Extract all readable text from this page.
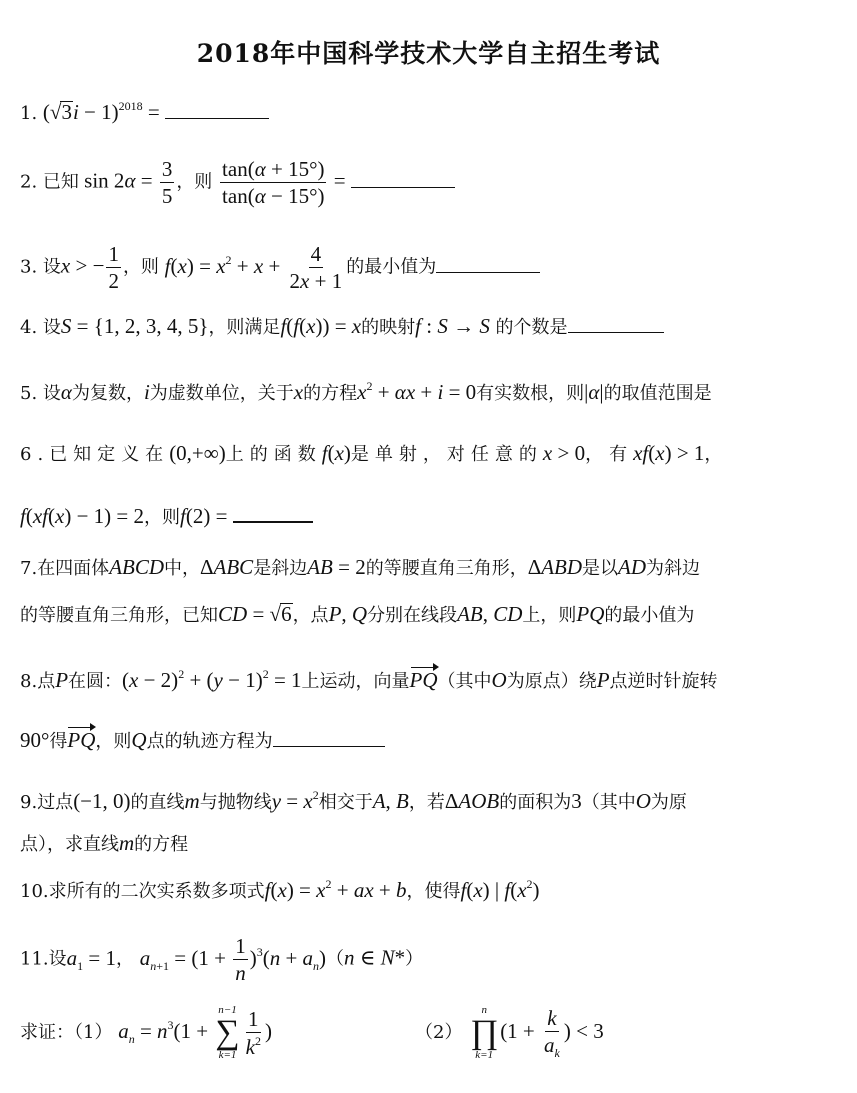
2018年中国科学技术大学自主招生考试
1. $(√3i - 1)^{2018}$ =
2. 已知 $\sin 2\alpha = \frac{3}{5}$ ，则 $\frac{\tan(\alpha + 15^\circ)}{\tan(\alpha - 15^\circ)}$ =
3. 设x > − $\frac{1}{2}$ ，则 $f(x) = x^2 + x + \frac{4}{2x + 1}$ 的最小值为
4. 设S = {1, 2, 3, 4, 5}，则满足f(f(x)) = x的映射f : S → S 的个数是
5. 设α为复数，i为虚数单位，关于x的方程$x^2 + \alpha x + i = 0$有实数根，则|α|的取值范围是
6.已知定义在(0,+∞)上的函数f(x)是单射，对任意的x > 0，有xf(x) > 1，
f(xf(x) − 1) = 2，则f(2) =
7.在四面体ABCD中，ΔABC是斜边AB = 2的等腰直角三角形，ΔABD是以AD为斜边
的等腰直角三角形，已知CD = √6，点P, Q分别在线段AB, CD上，则PQ的最小值为
8.点P在圆：$(x - 2)^2 + (y - 1)^2 = 1$上运动，向量PQ（其中O为原点）绕P点逆时针旋转
90°得PQ，则Q点的轨迹方程为
9.过点(−1, 0)的直线m与抛物线$y = x^2$相交于A, B，若ΔAOB的面积为3（其中O为原
点），求直线m的方程
10.求所有的二次实系数多项式$f(x) = x^2$ + ax + b，使得f(x) | $f(x^2)$
11.设$a_1 = 1$， $a_{n+1} = (1 + \frac{1}{n} )^3(n + a_n)(n$ ∈ N*）
求证：（1） $a_n = n^3(1$ +
n−1
∑
$k=1 \frac{1}{k^2}$ )	（2）
n
∏
k=1
($1 + \frac{k}{a_k}$ ) < 3
